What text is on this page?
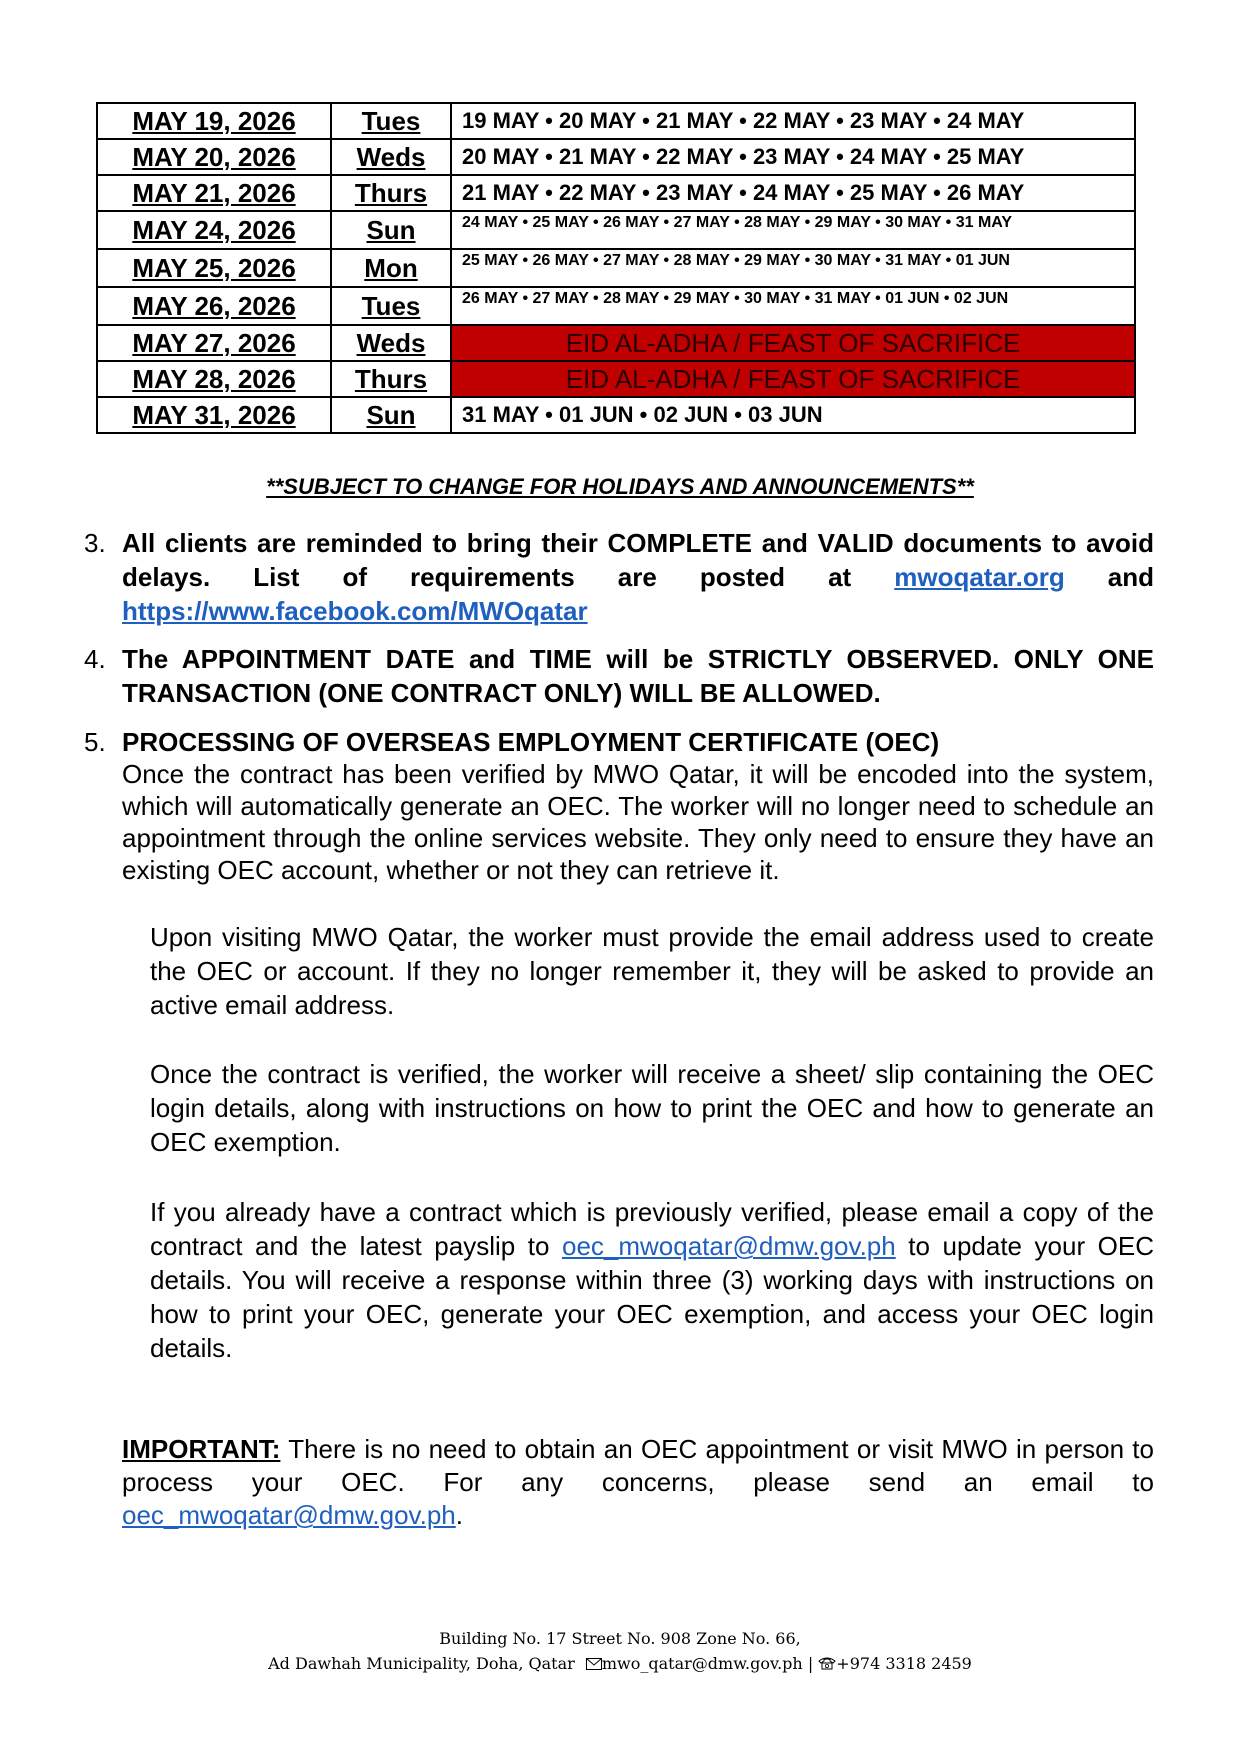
MAY 19, 2026	Tues	19 MAY • 20 MAY • 21 MAY • 22 MAY • 23 MAY • 24 MAY
MAY 20, 2026	Weds	20 MAY • 21 MAY • 22 MAY • 23 MAY • 24 MAY • 25 MAY
MAY 21, 2026	Thurs	21 MAY • 22 MAY • 23 MAY • 24 MAY • 25 MAY • 26 MAY
MAY 24, 2026	Sun	24 MAY • 25 MAY • 26 MAY • 27 MAY • 28 MAY • 29 MAY • 30 MAY • 31 MAY
MAY 25, 2026	Mon	25 MAY • 26 MAY • 27 MAY • 28 MAY • 29 MAY • 30 MAY • 31 MAY • 01 JUN
MAY 26, 2026	Tues	26 MAY • 27 MAY • 28 MAY • 29 MAY • 30 MAY • 31 MAY • 01 JUN • 02 JUN
MAY 27, 2026	Weds	EID AL-ADHA / FEAST OF SACRIFICE
MAY 28, 2026	Thurs	EID AL-ADHA / FEAST OF SACRIFICE
MAY 31, 2026	Sun	31 MAY • 01 JUN • 02 JUN • 03 JUN
**SUBJECT TO CHANGE FOR HOLIDAYS AND ANNOUNCEMENTS**
3. All clients are reminded to bring their COMPLETE and VALID documents to avoid delays. List of requirements are posted at mwoqatar.org and https://www.facebook.com/MWOqatar
4. The APPOINTMENT DATE and TIME will be STRICTLY OBSERVED. ONLY ONE TRANSACTION (ONE CONTRACT ONLY) WILL BE ALLOWED.
5. PROCESSING OF OVERSEAS EMPLOYMENT CERTIFICATE (OEC)
Once the contract has been verified by MWO Qatar, it will be encoded into the system, which will automatically generate an OEC. The worker will no longer need to schedule an appointment through the online services website. They only need to ensure they have an existing OEC account, whether or not they can retrieve it.
Upon visiting MWO Qatar, the worker must provide the email address used to create the OEC or account. If they no longer remember it, they will be asked to provide an active email address.
Once the contract is verified, the worker will receive a sheet/ slip containing the OEC login details, along with instructions on how to print the OEC and how to generate an OEC exemption.
If you already have a contract which is previously verified, please email a copy of the contract and the latest payslip to oec_mwoqatar@dmw.gov.ph to update your OEC details. You will receive a response within three (3) working days with instructions on how to print your OEC, generate your OEC exemption, and access your OEC login details.
IMPORTANT: There is no need to obtain an OEC appointment or visit MWO in person to process your OEC. For any concerns, please send an email to oec_mwoqatar@dmw.gov.ph.
Building No. 17 Street No. 908 Zone No. 66,
Ad Dawhah Municipality, Doha, Qatar mwo_qatar@dmw.gov.ph | +974 3318 2459
